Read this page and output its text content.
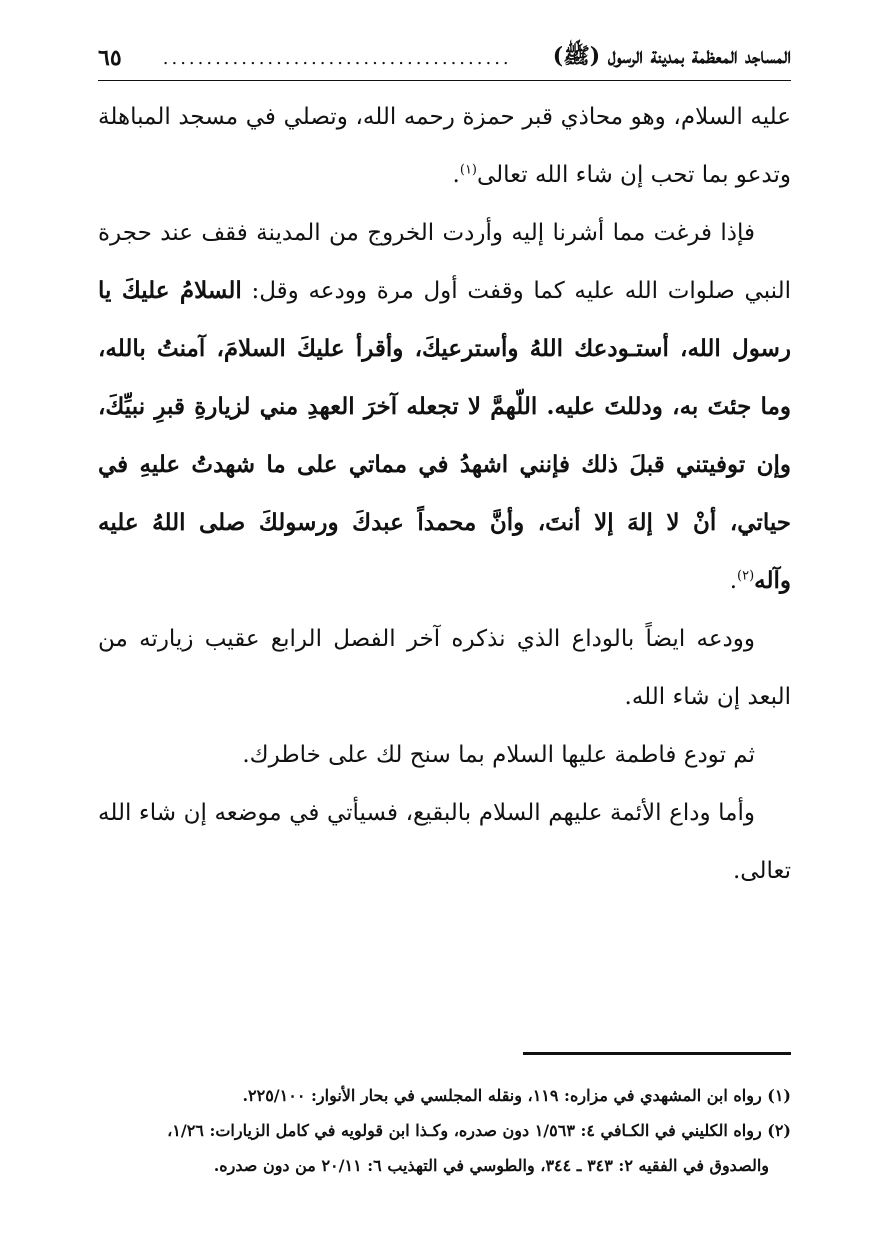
المساجد المعظمة بمدينة الرسول (ﷺ)
........................................
٦٥

عليه السلام، وهو محاذي قبر حمزة رحمه الله، وتصلي في مسجد المباهلة وتدعو بما تحب إن شاء الله تعالى$^{(١)}$.

فإذا فرغت مما أشرنا إليه وأردت الخروج من المدينة فقف عند حجرة النبي صلوات الله عليه كما وقفت أول مرة وودعه وقل: السلامُ عليكَ يا رسول الله، أستـودعك اللهُ وأسترعيكَ، وأقرأ عليكَ السلامَ، آمنتُ بالله، وما جئتَ به، ودللتَ عليه. اللّهمَّ لا تجعله آخرَ العهدِ مني لزيارةِ قبرِ نبيِّكَ، وإن توفيتني قبلَ ذلك فإنني اشهدُ في مماتي على ما شهدتُ عليهِ في حياتي، أنْ لا إلهَ إلا أنتَ، وأنَّ محمداً عبدكَ ورسولكَ صلى اللهُ عليه وآله$^{(٢)}$.

وودعه ايضاً بالوداع الذي نذكره آخر الفصل الرابع عقيب زيارته من البعد إن شاء الله.

ثم تودع فاطمة عليها السلام بما سنح لك على خاطرك.

وأما وداع الأئمة عليهم السلام بالبقيع، فسيأتي في موضعه إن شاء الله تعالى.

(١) رواه ابن المشهدي في مزاره: ١١٩، ونقله المجلسي في بحار الأنوار: ٢٢٥/١٠٠.

(٢) رواه الكليني في الكـافي ٤: ١/٥٦٣ دون صدره، وكـذا ابن قولويه في كامل الزيارات: ١/٢٦،

والصدوق في الفقيه ٢: ٣٤٣ ـ ٣٤٤، والطوسي في التهذيب ٦: ٢٠/١١ من دون صدره.
